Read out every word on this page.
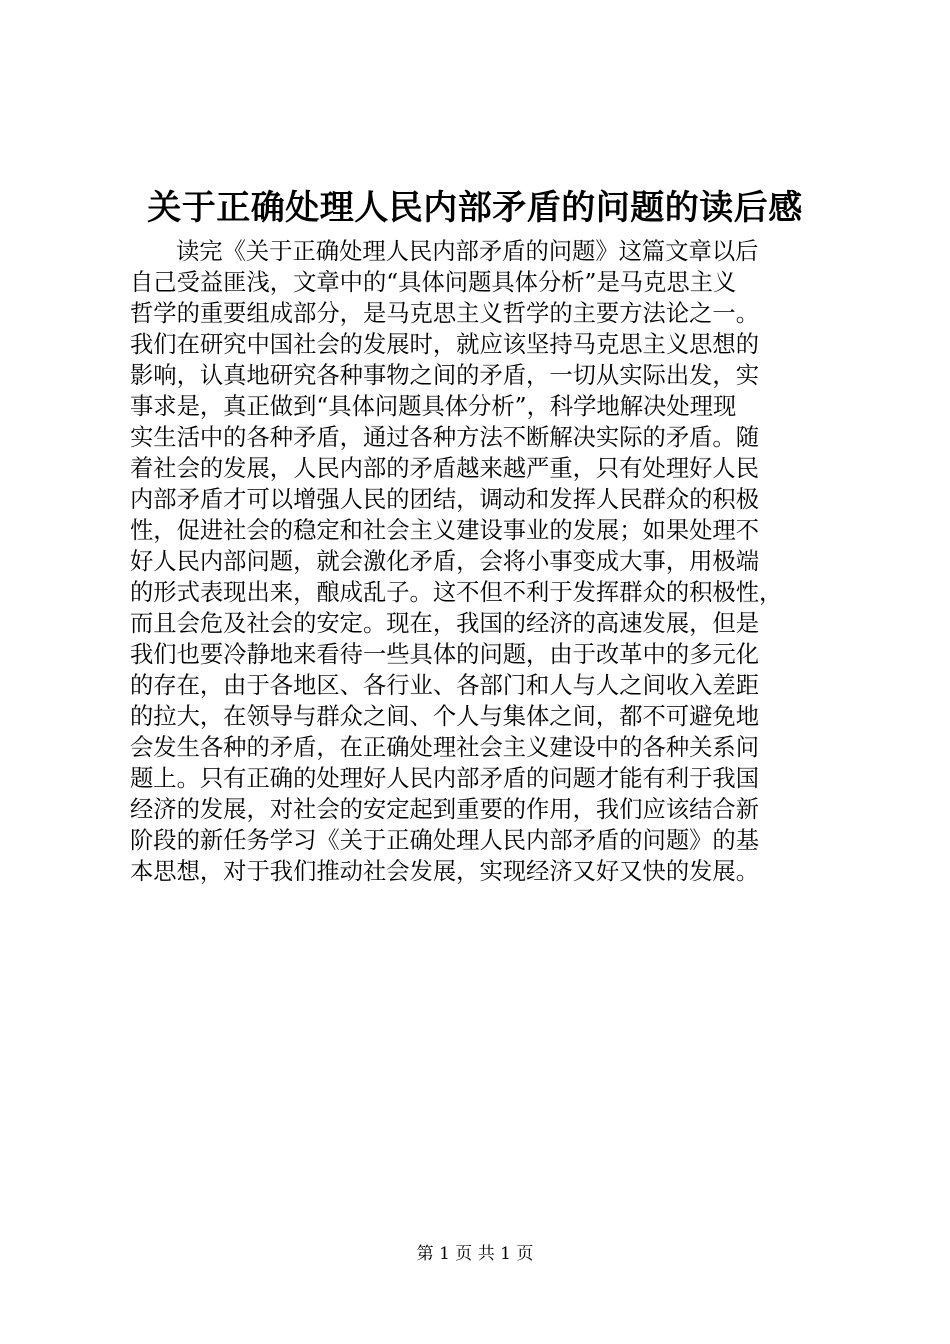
关于正确处理人民内部矛盾的问题的读后感
读完《关于正确处理人民内部矛盾的问题》这篇文章以后
自己受益匪浅，文章中的“具体问题具体分析”是马克思主义
哲学的重要组成部分，是马克思主义哲学的主要方法论之一。
我们在研究中国社会的发展时，就应该坚持马克思主义思想的
影响，认真地研究各种事物之间的矛盾，一切从实际出发，实
事求是，真正做到“具体问题具体分析”，科学地解决处理现
实生活中的各种矛盾，通过各种方法不断解决实际的矛盾。随
着社会的发展，人民内部的矛盾越来越严重，只有处理好人民
内部矛盾才可以增强人民的团结，调动和发挥人民群众的积极
性，促进社会的稳定和社会主义建设事业的发展；如果处理不
好人民内部问题，就会激化矛盾，会将小事变成大事，用极端
的形式表现出来，酿成乱子。这不但不利于发挥群众的积极性，
而且会危及社会的安定。现在，我国的经济的高速发展，但是
我们也要冷静地来看待一些具体的问题，由于改革中的多元化
的存在，由于各地区、各行业、各部门和人与人之间收入差距
的拉大，在领导与群众之间、个人与集体之间，都不可避免地
会发生各种的矛盾，在正确处理社会主义建设中的各种关系问
题上。只有正确的处理好人民内部矛盾的问题才能有利于我国
经济的发展，对社会的安定起到重要的作用，我们应该结合新
阶段的新任务学习《关于正确处理人民内部矛盾的问题》的基
本思想，对于我们推动社会发展，实现经济又好又快的发展。
第 1 页 共 1 页
